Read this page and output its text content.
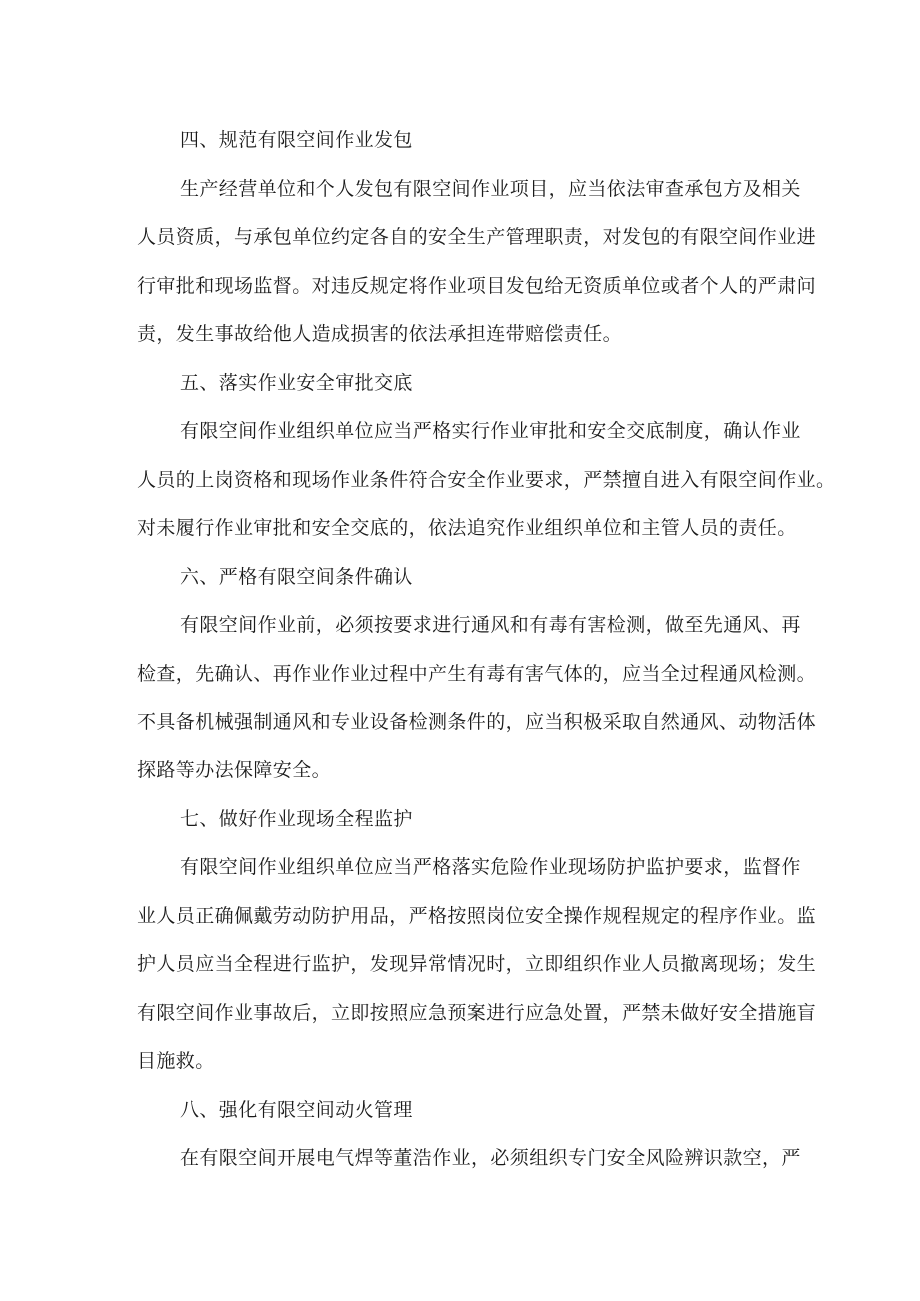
四、规范有限空间作业发包
生产经营单位和个人发包有限空间作业项目，应当依法审查承包方及相关
人员资质，与承包单位约定各自的安全生产管理职责，对发包的有限空间作业进
行审批和现场监督。对违反规定将作业项目发包给无资质单位或者个人的严肃问
责，发生事故给他人造成损害的依法承担连带赔偿责任。
五、落实作业安全审批交底
有限空间作业组织单位应当严格实行作业审批和安全交底制度，确认作业
人员的上岗资格和现场作业条件符合安全作业要求，严禁擅自进入有限空间作业。
对未履行作业审批和安全交底的，依法追究作业组织单位和主管人员的责任。
六、严格有限空间条件确认
有限空间作业前，必须按要求进行通风和有毒有害检测，做至先通风、再
检查，先确认、再作业作业过程中产生有毒有害气体的，应当全过程通风检测。
不具备机械强制通风和专业设备检测条件的，应当积极采取自然通风、动物活体
探路等办法保障安全。
七、做好作业现场全程监护
有限空间作业组织单位应当严格落实危险作业现场防护监护要求，监督作
业人员正确佩戴劳动防护用品，严格按照岗位安全操作规程规定的程序作业。监
护人员应当全程进行监护，发现异常情况时，立即组织作业人员撤离现场；发生
有限空间作业事故后，立即按照应急预案进行应急处置，严禁未做好安全措施盲
目施救。
八、强化有限空间动火管理
在有限空间开展电气焊等董浩作业，必须组织专门安全风险辨识款空，严
